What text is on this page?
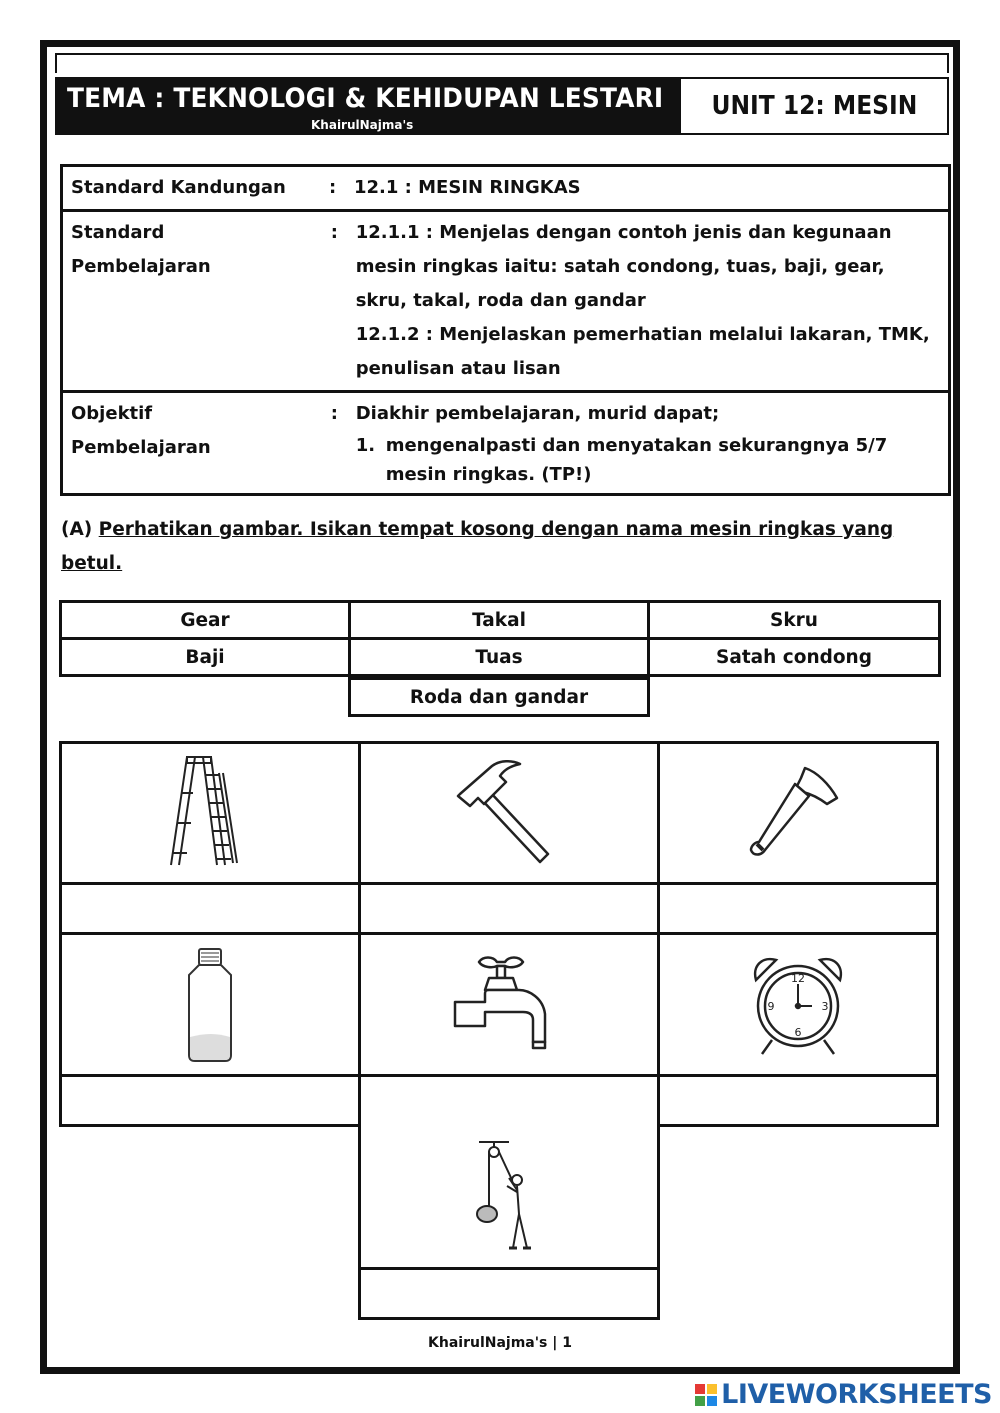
TEMA : TEKNOLOGI & KEHIDUPAN LESTARI
KhairulNajma's
UNIT 12: MESIN
Standard Kandungan	: 12.1 : MESIN RINGKAS
Standard Pembelajaran
: 12.1.1 : Menjelas dengan contoh jenis dan kegunaan mesin ringkas iaitu: satah condong, tuas, baji, gear, skru, takal, roda dan gandar
12.1.2 : Menjelaskan pemerhatian melalui lakaran, TMK, penulisan atau lisan
Objektif Pembelajaran
: Diakhir pembelajaran, murid dapat;
1. mengenalpasti dan menyatakan sekurangnya 5/7 mesin ringkas. (TP!)
(A) Perhatikan gambar. Isikan tempat kosong dengan nama mesin ringkas yang betul.
Gear	Takal	Skru
Baji	Tuas	Satah condong
Roda dan gandar
12
3
6
9
KhairulNajma's | 1
LIVEWORKSHEETS
